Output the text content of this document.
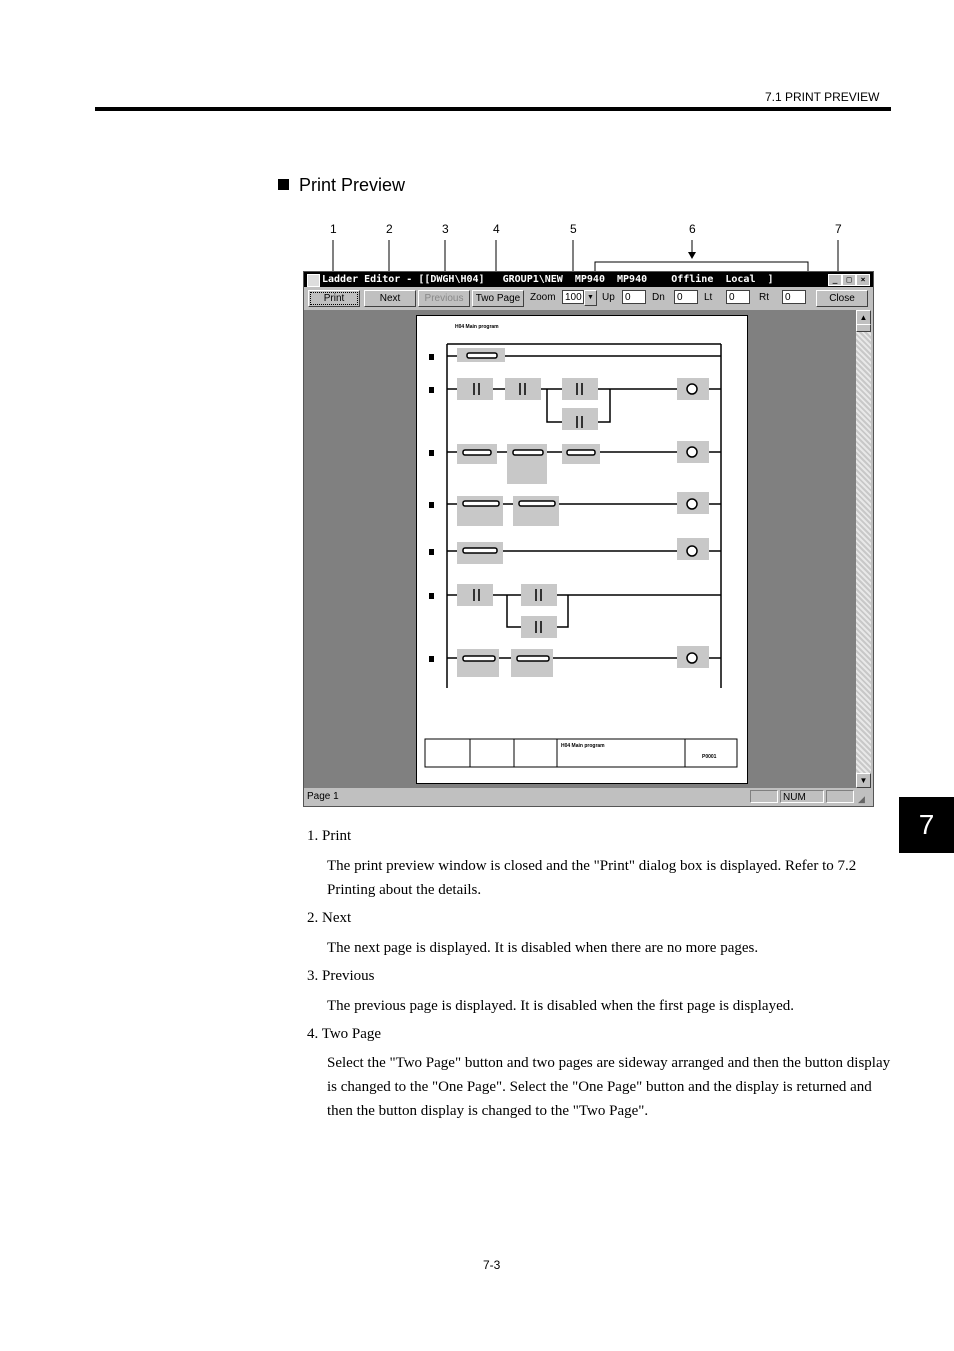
7.1 PRINT PREVIEW
Print Preview
1	2	3	4	5	6	7
Ladder Editor - [[DWGH\H04]   GROUP1\NEW  MP940  MP940    Offline  Local  ]	_	□	×
Print	Next	Previous	Two Page Zoom 100 ▼ Up	0	Dn	0	Lt	0	Rt	0	Close
H04 Main program
H04 Main program
P0001
▲
▼
Page 1	NUM	◢
1. Print
The print preview window is closed and the "Print" dialog box is displayed. Refer to 7.2 Printing about the details.
2. Next
The next page is displayed. It is disabled when there are no more pages.
3. Previous
The previous page is displayed. It is disabled when the first page is displayed.
4. Two Page
Select the "Two Page" button and two pages are sideway arranged and then the button display is changed to the "One Page". Select the "One Page" button and the display is returned and then the button display is changed to the "Two Page".
7
7-3
